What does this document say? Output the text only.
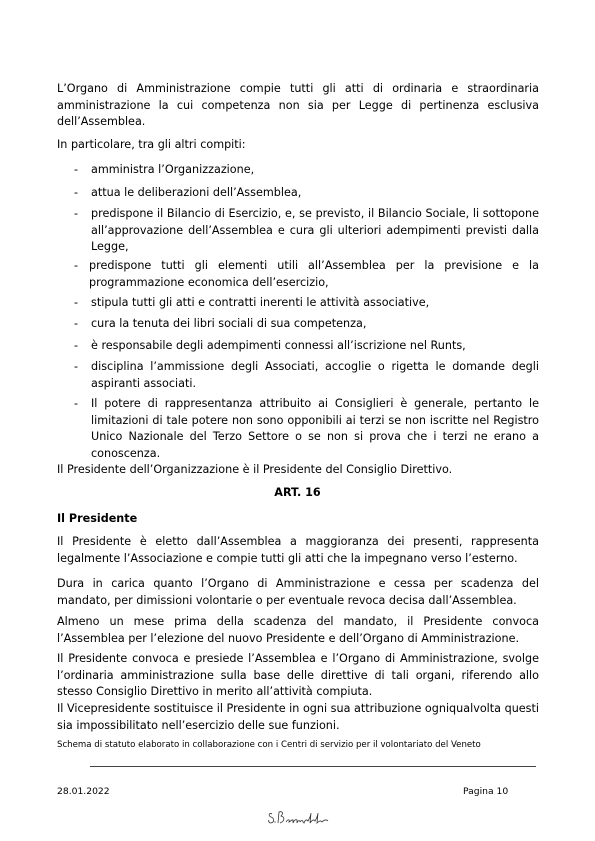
L’Organo di Amministrazione compie tutti gli atti di ordinaria e straordinaria amministrazione la cui competenza non sia per Legge di pertinenza esclusiva dell’Assemblea.

In particolare, tra gli altri compiti:

- amministra l’Organizzazione,
- attua le deliberazioni dell’Assemblea,
- predispone il Bilancio di Esercizio, e, se previsto, il Bilancio Sociale, li sottopone all’approvazione dell’Assemblea e cura gli ulteriori adempimenti previsti dalla Legge,
- predispone tutti gli elementi utili all’Assemblea per la previsione e la programmazione economica dell’esercizio,
- stipula tutti gli atti e contratti inerenti le attività associative,
- cura la tenuta dei libri sociali di sua competenza,
- è responsabile degli adempimenti connessi all’iscrizione nel Runts,
- disciplina l’ammissione degli Associati, accoglie o rigetta le domande degli aspiranti associati.
- Il potere di rappresentanza attribuito ai Consiglieri è generale, pertanto le limitazioni di tale potere non sono opponibili ai terzi se non iscritte nel Registro Unico Nazionale del Terzo Settore o se non si prova che i terzi ne erano a conoscenza.

Il Presidente dell’Organizzazione è il Presidente del Consiglio Direttivo.

ART. 16
Il Presidente

Il Presidente è eletto dall’Assemblea a maggioranza dei presenti, rappresenta legalmente l’Associazione e compie tutti gli atti che la impegnano verso l’esterno.

Dura in carica quanto l’Organo di Amministrazione e cessa per scadenza del mandato, per dimissioni volontarie o per eventuale revoca decisa dall’Assemblea.

Almeno un mese prima della scadenza del mandato, il Presidente convoca l’Assemblea per l’elezione del nuovo Presidente e dell’Organo di Amministrazione.

Il Presidente convoca e presiede l’Assemblea e l’Organo di Amministrazione, svolge l’ordinaria amministrazione sulla base delle direttive di tali organi, riferendo allo stesso Consiglio Direttivo in merito all’attività compiuta.

Il Vicepresidente sostituisce il Presidente in ogni sua attribuzione ogniqualvolta questi sia impossibilitato nell’esercizio delle sue funzioni.

Schema di statuto elaborato in collaborazione con i Centri di servizio per il volontariato del Veneto
28.01.2022	Pagina 10
